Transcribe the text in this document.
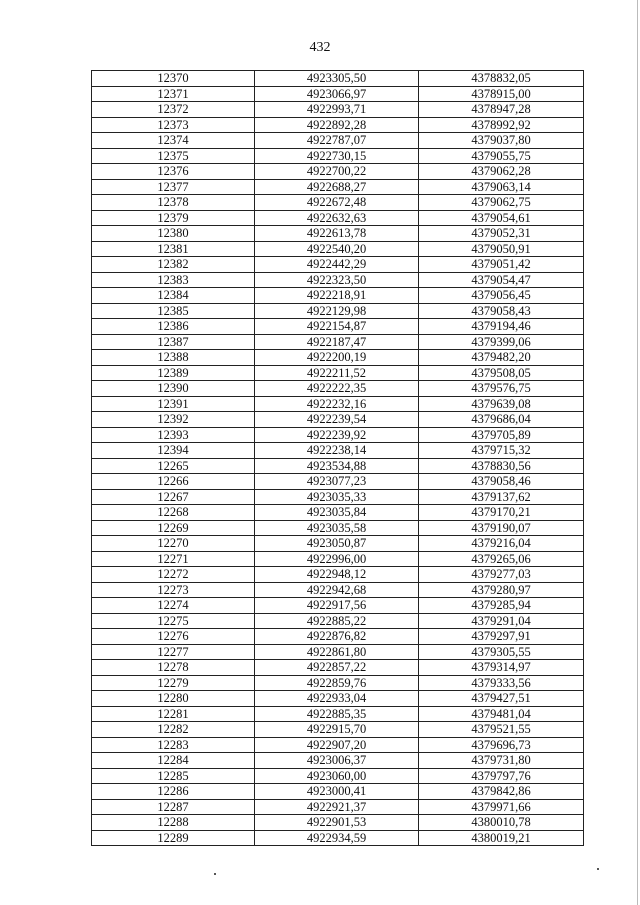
432
12370	4923305,50	4378832,05
12371	4923066,97	4378915,00
12372	4922993,71	4378947,28
12373	4922892,28	4378992,92
12374	4922787,07	4379037,80
12375	4922730,15	4379055,75
12376	4922700,22	4379062,28
12377	4922688,27	4379063,14
12378	4922672,48	4379062,75
12379	4922632,63	4379054,61
12380	4922613,78	4379052,31
12381	4922540,20	4379050,91
12382	4922442,29	4379051,42
12383	4922323,50	4379054,47
12384	4922218,91	4379056,45
12385	4922129,98	4379058,43
12386	4922154,87	4379194,46
12387	4922187,47	4379399,06
12388	4922200,19	4379482,20
12389	4922211,52	4379508,05
12390	4922222,35	4379576,75
12391	4922232,16	4379639,08
12392	4922239,54	4379686,04
12393	4922239,92	4379705,89
12394	4922238,14	4379715,32
12265	4923534,88	4378830,56
12266	4923077,23	4379058,46
12267	4923035,33	4379137,62
12268	4923035,84	4379170,21
12269	4923035,58	4379190,07
12270	4923050,87	4379216,04
12271	4922996,00	4379265,06
12272	4922948,12	4379277,03
12273	4922942,68	4379280,97
12274	4922917,56	4379285,94
12275	4922885,22	4379291,04
12276	4922876,82	4379297,91
12277	4922861,80	4379305,55
12278	4922857,22	4379314,97
12279	4922859,76	4379333,56
12280	4922933,04	4379427,51
12281	4922885,35	4379481,04
12282	4922915,70	4379521,55
12283	4922907,20	4379696,73
12284	4923006,37	4379731,80
12285	4923060,00	4379797,76
12286	4923000,41	4379842,86
12287	4922921,37	4379971,66
12288	4922901,53	4380010,78
12289	4922934,59	4380019,21
